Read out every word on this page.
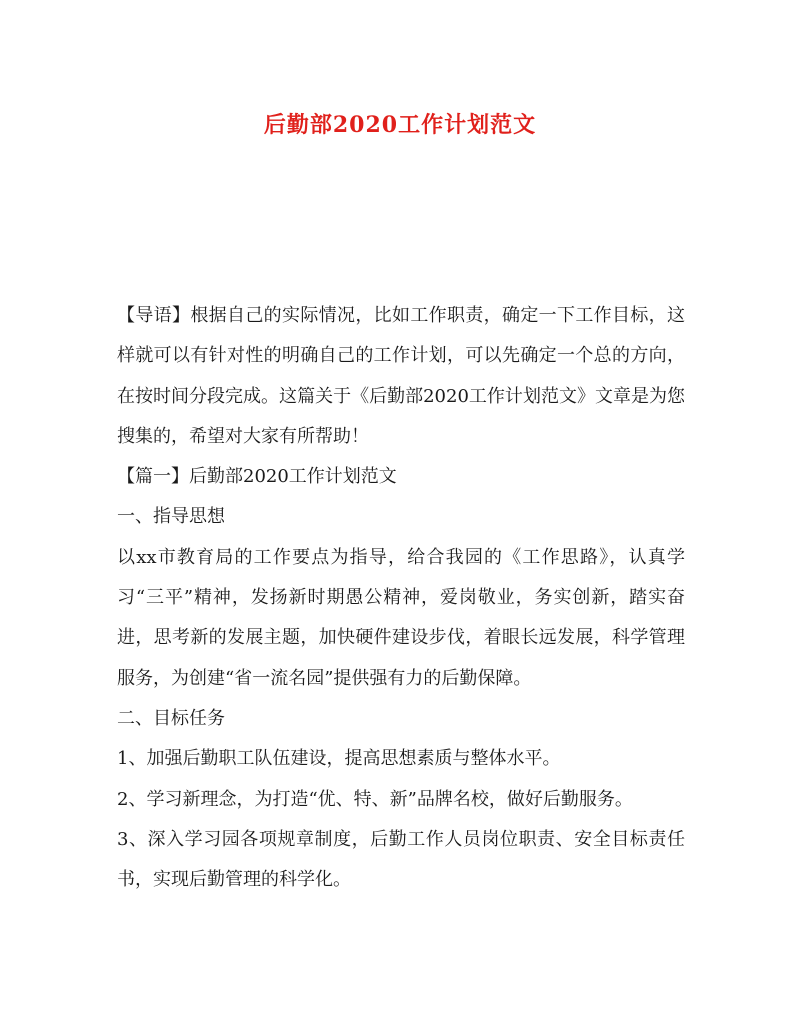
后勤部2020工作计划范文

【导语】根据自己的实际情况，比如工作职责，确定一下工作目标，这样就可以有针对性的明确自己的工作计划，可以先确定一个总的方向，在按时间分段完成。这篇关于《后勤部2020工作计划范文》文章是为您搜集的，希望对大家有所帮助！

【篇一】后勤部2020工作计划范文

一、指导思想

以xx市教育局的工作要点为指导，给合我园的《工作思路》，认真学习“三平”精神，发扬新时期愚公精神，爱岗敬业，务实创新，踏实奋进，思考新的发展主题，加快硬件建设步伐，着眼长远发展，科学管理服务，为创建“省一流名园”提供强有力的后勤保障。

二、目标任务

1、加强后勤职工队伍建设，提高思想素质与整体水平。

2、学习新理念，为打造“优、特、新”品牌名校，做好后勤服务。

3、深入学习园各项规章制度，后勤工作人员岗位职责、安全目标责任书，实现后勤管理的科学化。
